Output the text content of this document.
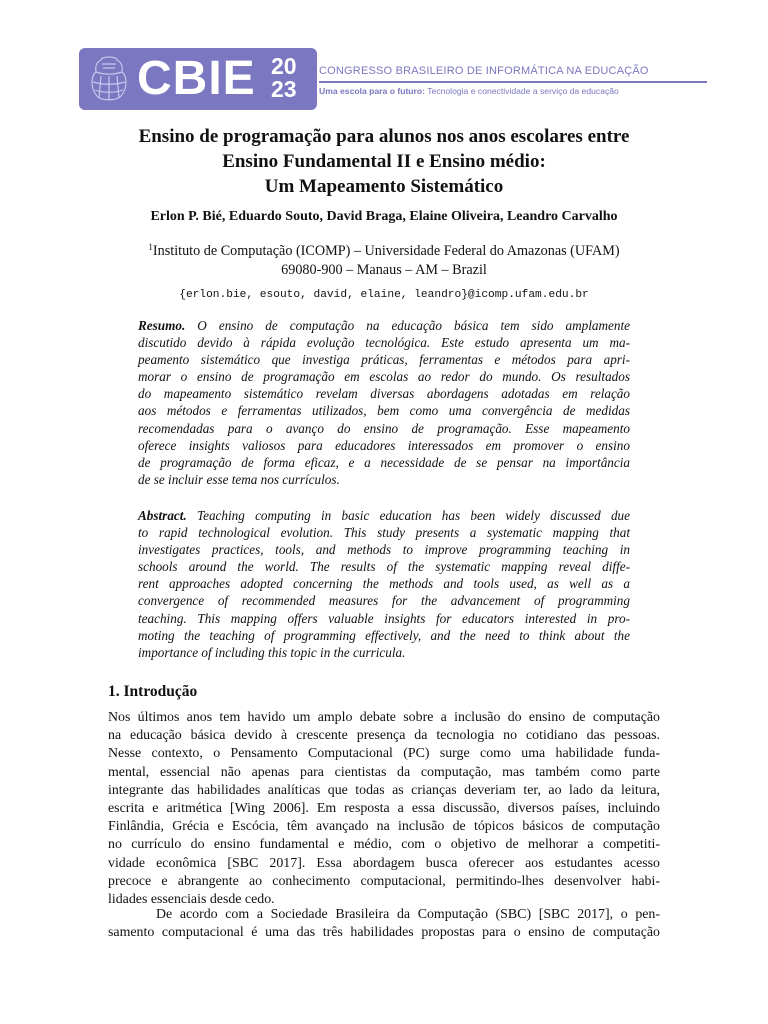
CBIE 20
23
CONGRESSO BRASILEIRO DE INFORMÁTICA NA EDUCAÇÃO
Uma escola para o futuro: Tecnologia e conectividade a serviço da educação
Ensino de programação para alunos nos anos escolares entre
Ensino Fundamental II e Ensino médio:
Um Mapeamento Sistemático
Erlon P. Bié, Eduardo Souto, David Braga, Elaine Oliveira, Leandro Carvalho
$^1$Instituto de Computação (ICOMP) – Universidade Federal do Amazonas (UFAM)
69080-900 – Manaus – AM – Brazil
{erlon.bie, esouto, david, elaine, leandro}@icomp.ufam.edu.br
Resumo. O ensino de computação na educação básica tem sido amplamente
discutido devido à rápida evolução tecnológica. Este estudo apresenta um ma-
peamento sistemático que investiga práticas, ferramentas e métodos para apri-
morar o ensino de programação em escolas ao redor do mundo. Os resultados
do mapeamento sistemático revelam diversas abordagens adotadas em relação
aos métodos e ferramentas utilizados, bem como uma convergência de medidas
recomendadas para o avanço do ensino de programação. Esse mapeamento
oferece insights valiosos para educadores interessados em promover o ensino
de programação de forma eficaz, e a necessidade de se pensar na importância
de se incluir esse tema nos currículos.
Abstract. Teaching computing in basic education has been widely discussed due
to rapid technological evolution. This study presents a systematic mapping that
investigates practices, tools, and methods to improve programming teaching in
schools around the world. The results of the systematic mapping reveal diffe-
rent approaches adopted concerning the methods and tools used, as well as a
convergence of recommended measures for the advancement of programming
teaching. This mapping offers valuable insights for educators interested in pro-
moting the teaching of programming effectively, and the need to think about the
importance of including this topic in the curricula.
1. Introdução
Nos últimos anos tem havido um amplo debate sobre a inclusão do ensino de computação
na educação básica devido à crescente presença da tecnologia no cotidiano das pessoas.
Nesse contexto, o Pensamento Computacional (PC) surge como uma habilidade funda-
mental, essencial não apenas para cientistas da computação, mas também como parte
integrante das habilidades analíticas que todas as crianças deveriam ter, ao lado da leitura,
escrita e aritmética [Wing 2006]. Em resposta a essa discussão, diversos países, incluindo
Finlândia, Grécia e Escócia, têm avançado na inclusão de tópicos básicos de computação
no currículo do ensino fundamental e médio, com o objetivo de melhorar a competiti-
vidade econômica [SBC 2017]. Essa abordagem busca oferecer aos estudantes acesso
precoce e abrangente ao conhecimento computacional, permitindo-lhes desenvolver habi-
lidades essenciais desde cedo.
De acordo com a Sociedade Brasileira da Computação (SBC) [SBC 2017], o pen-
samento computacional é uma das três habilidades propostas para o ensino de computação
